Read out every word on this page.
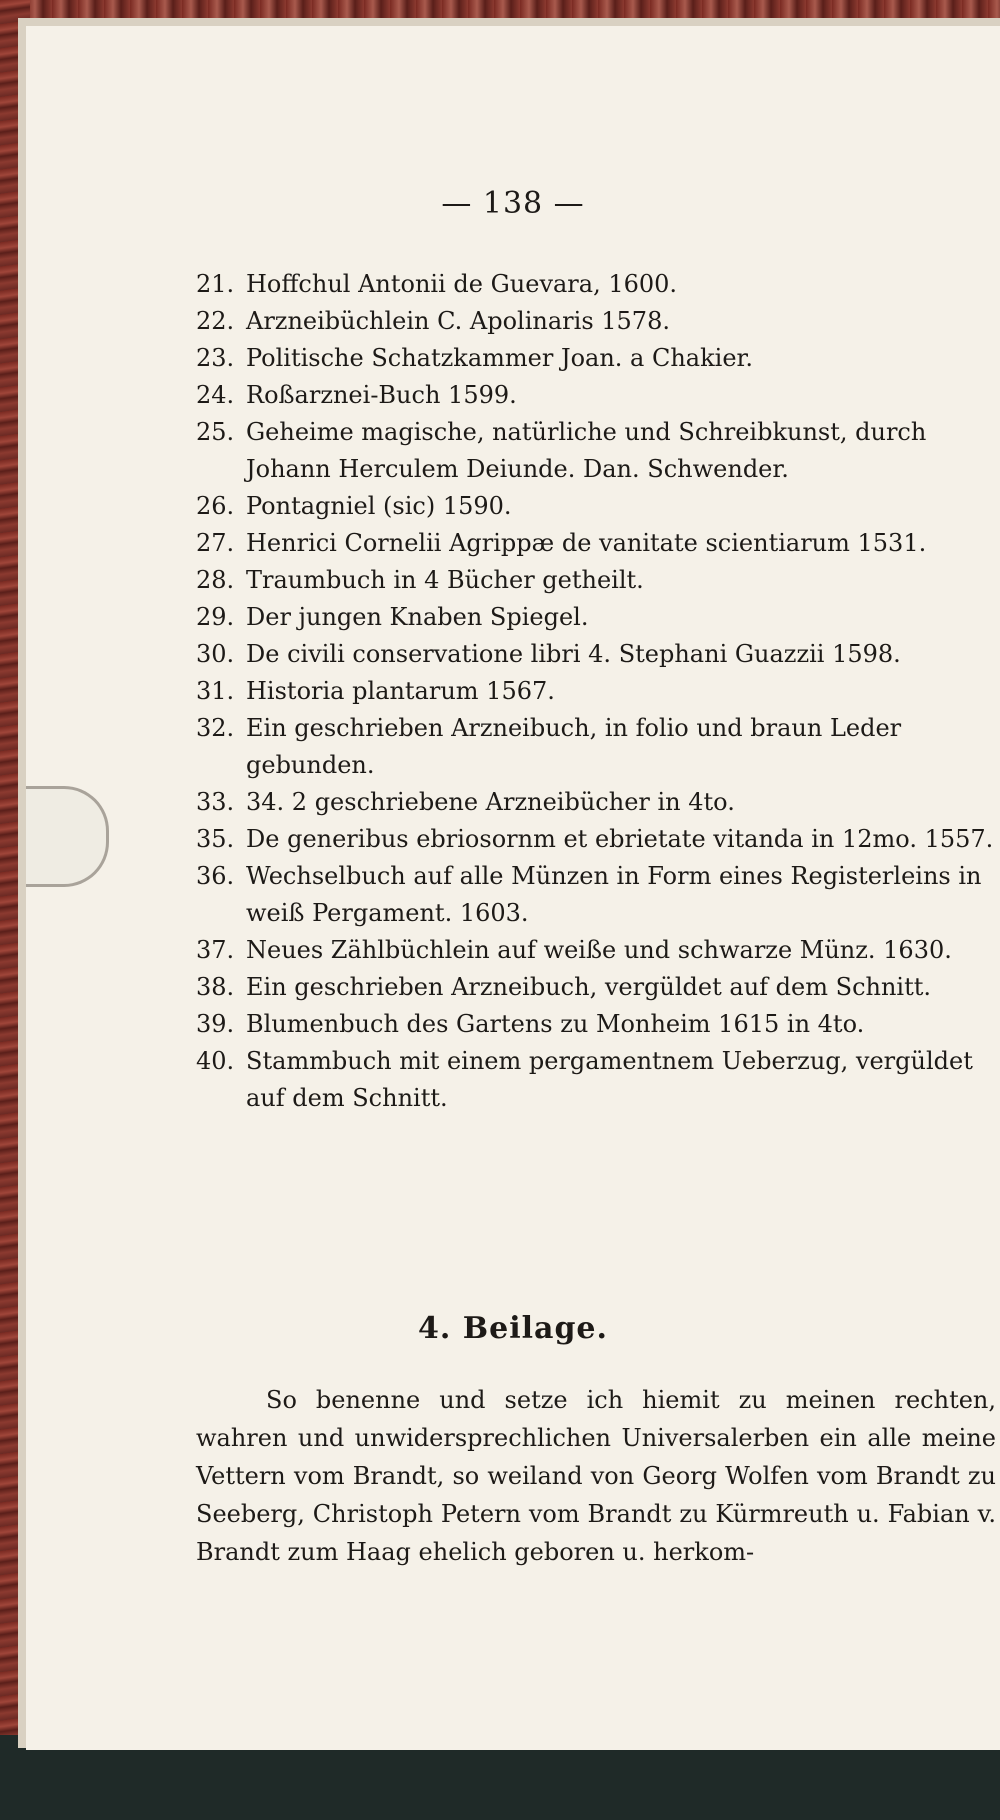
— 138 —
21. Hoffchul Antonii de Guevara, 1600.
22. Arzneibüchlein C. Apolinaris 1578.
23. Politische Schatzkammer Joan. a Chakier.
24. Roßarznei-Buch 1599.
25. Geheime magische, natürliche und Schreibkunst, durch Johann Herculem Deiunde. Dan. Schwender.
26. Pontagniel (sic) 1590.
27. Henrici Cornelii Agrippæ de vanitate scientiarum 1531.
28. Traumbuch in 4 Bücher getheilt.
29. Der jungen Knaben Spiegel.
30. De civili conservatione libri 4. Stephani Guazzii 1598.
31. Historia plantarum 1567.
32. Ein geschrieben Arzneibuch, in folio und braun Leder gebunden.
33. 34. 2 geschriebene Arzneibücher in 4to.
35. De generibus ebriosornm et ebrietate vitanda in 12mo. 1557.
36. Wechselbuch auf alle Münzen in Form eines Registerleins in weiß Pergament. 1603.
37. Neues Zählbüchlein auf weiße und schwarze Münz. 1630.
38. Ein geschrieben Arzneibuch, vergüldet auf dem Schnitt.
39. Blumenbuch des Gartens zu Monheim 1615 in 4to.
40. Stammbuch mit einem pergamentnem Ueberzug, vergüldet auf dem Schnitt.
4. Beilage.
So benenne und setze ich hiemit zu meinen rechten, wahren und unwidersprechlichen Universalerben ein alle meine Vettern vom Brandt, so weiland von Georg Wolfen vom Brandt zu Seeberg, Christoph Petern vom Brandt zu Kürmreuth u. Fabian v. Brandt zum Haag ehelich geboren u. herkom-
